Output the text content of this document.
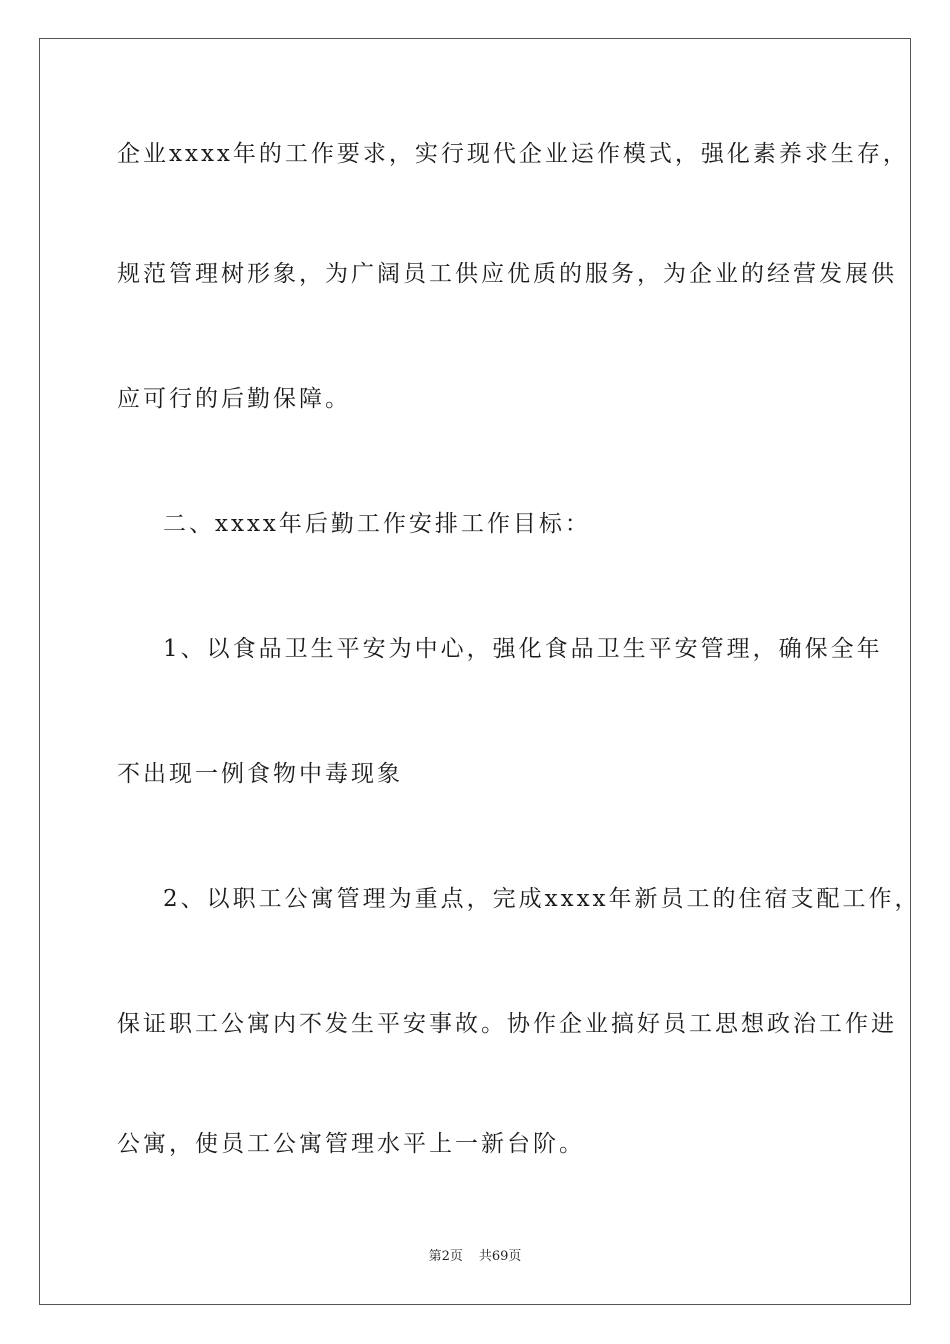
企业xxxx年的工作要求，实行现代企业运作模式，强化素养求生存，
规范管理树形象，为广阔员工供应优质的服务，为企业的经营发展供
应可行的后勤保障。
二、xxxx年后勤工作安排工作目标：
1、以食品卫生平安为中心，强化食品卫生平安管理，确保全年
不出现一例食物中毒现象
2、以职工公寓管理为重点，完成xxxx年新员工的住宿支配工作，
保证职工公寓内不发生平安事故。协作企业搞好员工思想政治工作进
公寓，使员工公寓管理水平上一新台阶。
第2页 共69页
